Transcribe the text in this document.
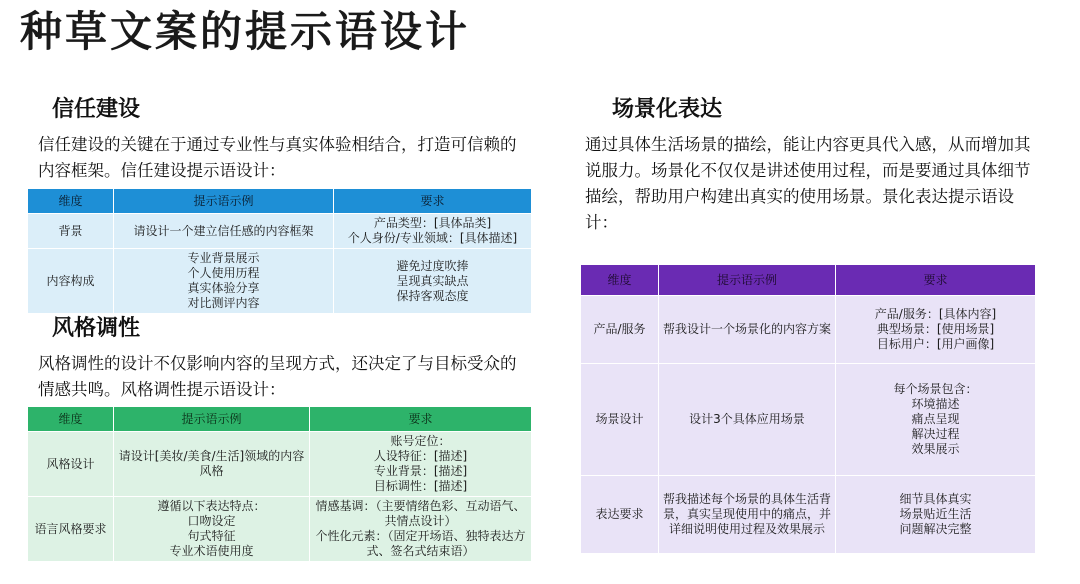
种草文案的提示语设计
信任建设
信任建设的关键在于通过专业性与真实体验相结合，打造可信赖的内容框架。信任建设提示语设计：
维度	提示语示例	要求
背景	请设计一个建立信任感的内容框架	产品类型：[具体品类]
个人身份/专业领域：[具体描述]

内容构成	专业背景展示
个人使用历程
真实体验分享
对比测评内容	避免过度吹捧
呈现真实缺点
保持客观态度
风格调性
风格调性的设计不仅影响内容的呈现方式，还决定了与目标受众的情感共鸣。风格调性提示语设计：
维度	提示语示例	要求
风格设计	请设计[美妆/美食/生活]领域的内容风格	账号定位：
人设特征：[描述]
专业背景：[描述]
目标调性：[描述]

语言风格要求	遵循以下表达特点：
口吻设定
句式特征
专业术语使用度	情感基调：（主要情绪色彩、互动语气、共情点设计）
个性化元素：（固定开场语、独特表达方式、签名式结束语）
场景化表达
通过具体生活场景的描绘，能让内容更具代入感，从而增加其说服力。场景化不仅仅是讲述使用过程，而是要通过具体细节描绘，帮助用户构建出真实的使用场景。景化表达提示语设计：
维度	提示语示例	要求
产品/服务	帮我设计一个场景化的内容方案	产品/服务：[具体内容]
典型场景：[使用场景]
目标用户：[用户画像]

场景设计	设计3个具体应用场景	每个场景包含：
环境描述
痛点呈现
解决过程
效果展示

表达要求	帮我描述每个场景的具体生活背景，真实呈现使用中的痛点，并详细说明使用过程及效果展示	细节具体真实
场景贴近生活
问题解决完整
